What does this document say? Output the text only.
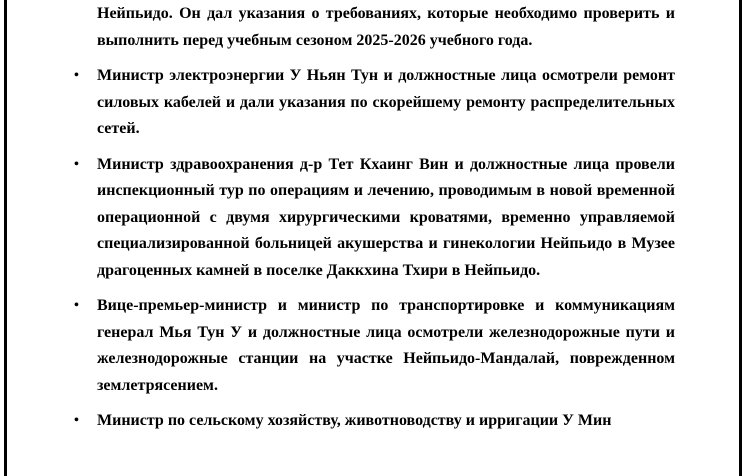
Нейпьидо. Он дал указания о требованиях, которые необходимо проверить и выполнить перед учебным сезоном 2025-2026 учебного года.

• Министр электроэнергии У Ньян Тун и должностные лица осмотрели ремонт силовых кабелей и дали указания по скорейшему ремонту распределительных сетей.

• Министр здравоохранения д-р Тет Кхаинг Вин и должностные лица провели инспекционный тур по операциям и лечению, проводимым в новой временной операционной с двумя хирургическими кроватями, временно управляемой специализированной больницей акушерства и гинекологии Нейпьидо в Музее драгоценных камней в поселке Даккхина Тхири в Нейпьидо.

• Вице-премьер-министр и министр по транспортировке и коммуникациям генерал Мья Тун У и должностные лица осмотрели железнодорожные пути и железнодорожные станции на участке Нейпьидо-Мандалай, поврежденном землетрясением.

• Министр по сельскому хозяйству, животноводству и ирригации У Мин
